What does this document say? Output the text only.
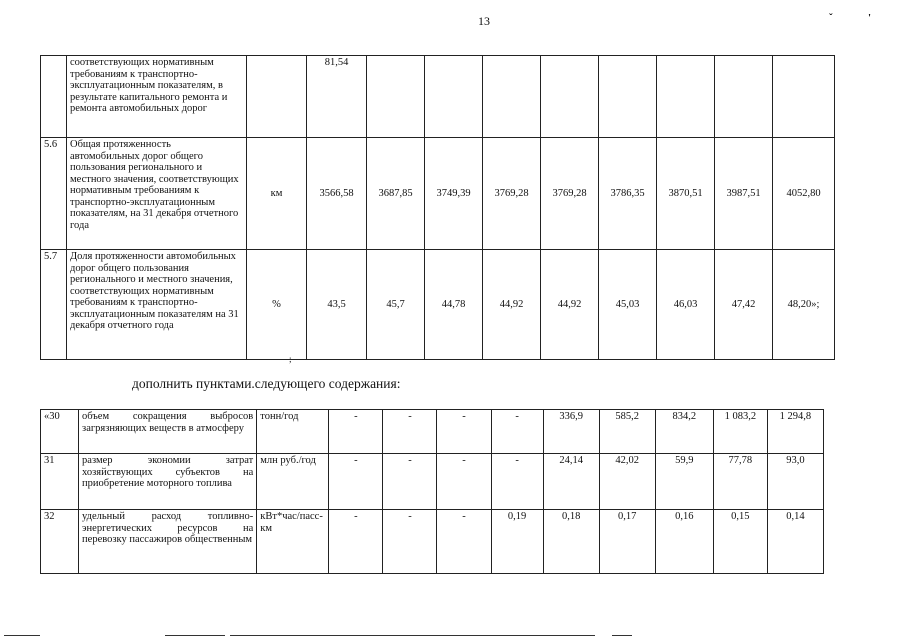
13	ˇ	'
	соответствующих нормативным требованиям к транспортно-эксплуатационным показателям, в результате капитального ремонта и ремонта автомобильных дорог		81,54								
5.6	Общая протяженность автомобильных дорог общего пользования регионального и местного значения, соответствующих нормативным требованиям к транспортно-эксплуатационным показателям, на 31 декабря отчетного года	км	3566,58	3687,85	3749,39	3769,28	3769,28	3786,35	3870,51	3987,51	4052,80
5.7	Доля протяженности автомобильных дорог общего пользования регионального и местного значения, соответствующих нормативным требованиям к транспортно-эксплуатационным показателям на 31 декабря отчетного года	%	43,5	45,7	44,78	44,92	44,92	45,03	46,03	47,42	48,20»;
;
дополнить пунктами.следующего содержания:
«30	объем сокращения выбросов загрязняющих веществ в атмосферу	тонн/год	-	-	-	-	336,9	585,2	834,2	1 083,2	1 294,8
31	размер экономии затрат хозяйствующих субъектов на приобретение моторного топлива	млн руб./год	-	-	-	-	24,14	42,02	59,9	77,78	93,0
32	удельный расход топливно-энергетических ресурсов на перевозку пассажиров общественным	кВт*час/пасс-км	-	-	-	0,19	0,18	0,17	0,16	0,15	0,14
